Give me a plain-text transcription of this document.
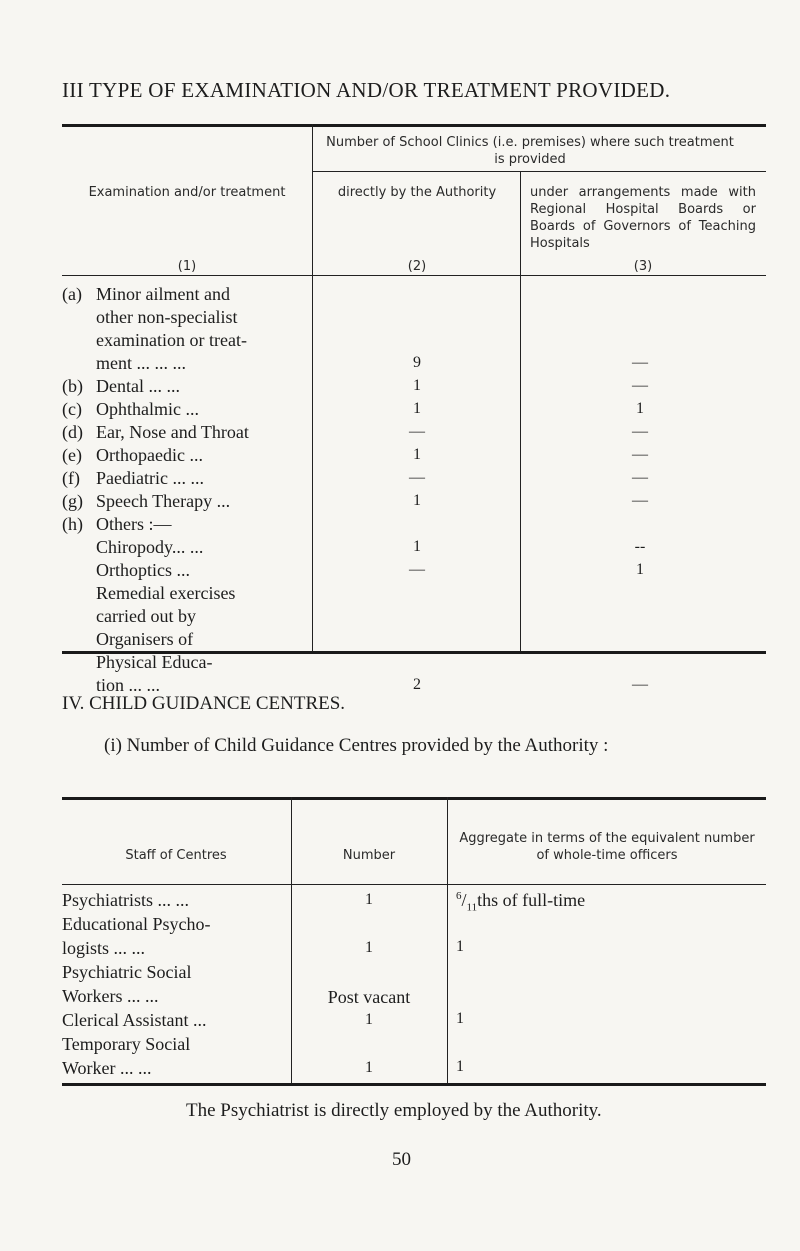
III TYPE OF EXAMINATION AND/OR TREATMENT PROVIDED.
Number of School Clinics (i.e. premises) where such treatment is provided
Examination and/or treatment
(1)
directly by the Authority
(2)
under arrangements made with Regional Hospital Boards or Boards of Governors of Teaching Hospitals
(3)
(a) Minor ailment and
other non-specialist
examination or treat-
ment ... ... ...	9	—
(b) Dental ... ...	1	—
(c) Ophthalmic ...	1	1
(d) Ear, Nose and Throat	—	—
(e) Orthopaedic ...	1	—
(f) Paediatric ... ...	—	—
(g) Speech Therapy ...	1	—
(h) Others :—
Chiropody... ...	1	--
Orthoptics ...	—	1
Remedial exercises
carried out by
Organisers of
Physical Educa-
tion ... ...	2	—
IV. CHILD GUIDANCE CENTRES.
(i) Number of Child Guidance Centres provided by the Authority :
Staff of Centres	Number
Aggregate in terms of the equivalent number of whole-time officers
Psychiatrists ... ...	1	$^6/_{11}ths$ of full-time
Educational Psycho-
logists ... ...	1	1
Psychiatric Social
Workers ... ...	Post vacant
Clerical Assistant ...	1	1
Temporary Social
Worker ... ...	1	1
The Psychiatrist is directly employed by the Authority.
50
